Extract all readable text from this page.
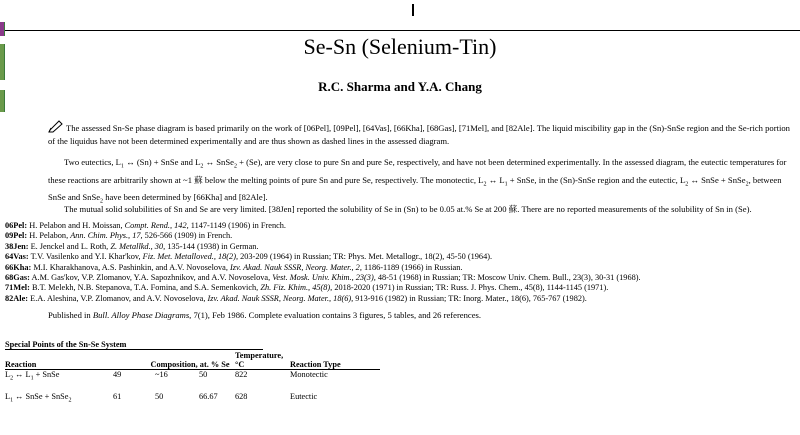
Se-Sn (Selenium-Tin)
R.C. Sharma and Y.A. Chang
The assessed Sn-Se phase diagram is based primarily on the work of [06Pel], [09Pel], [64Vas], [66Kha], [68Gas], [71Mel], and [82Ale]. The liquid miscibility gap in the (Sn)-SnSe region and the Se-rich portion of the liquidus have not been determined experimentally and are thus shown as dashed lines in the assessed diagram.
Two eutectics, $L_1$ ↔ (Sn) + SnSe and $L_2$ ↔ SnSe$_2$ + (Se), are very close to pure Sn and pure Se, respectively, and have not been determined experimentally. In the assessed diagram, the eutectic temperatures for these reactions are arbitrarily shown at ~1 蘇 below the melting points of pure Sn and pure Se, respectively. The monotectic, $L_2$ ↔ $L_1$ + SnSe, in the (Sn)-SnSe region and the eutectic, $L_2$ ↔ SnSe + SnSe$_2$, between SnSe and SnSe$_2$ have been determined by [66Kha] and [82Ale].
The mutual solid solubilities of Sn and Se are very limited. [38Jen] reported the solubility of Se in (Sn) to be 0.05 at.% Se at 200 蘇. There are no reported measurements of the solubility of Sn in (Se).
06Pel: H. Pelabon and H. Moissan, Compt. Rend., 142, 1147-1149 (1906) in French.
09Pel: H. Pelabon, Ann. Chim. Phys., 17, 526-566 (1909) in French.
38Jen: E. Jenckel and L. Roth, Z. Metallkd., 30, 135-144 (1938) in German.
64Vas: T.V. Vasilenko and Y.I. Khar'kov, Fiz. Met. Metalloved., 18(2), 203-209 (1964) in Russian; TR: Phys. Met. Metallogr., 18(2), 45-50 (1964).
66Kha: M.I. Kharakhanova, A.S. Pashinkin, and A.V. Novoselova, Izv. Akad. Nauk SSSR, Neorg. Mater., 2, 1186-1189 (1966) in Russian.
68Gas: A.M. Gas'kov, V.P. Zlomanov, Y.A. Sapozhnikov, and A.V. Novoselova, Vest. Mosk. Univ. Khim., 23(3), 48-51 (1968) in Russian; TR: Moscow Univ. Chem. Bull., 23(3), 30-31 (1968).
71Mel: B.T. Melekh, N.B. Stepanova, T.A. Fomina, and S.A. Semenkovich, Zh. Fiz. Khim., 45(8), 2018-2020 (1971) in Russian; TR: Russ. J. Phys. Chem., 45(8), 1144-1145 (1971).
82Ale: E.A. Aleshina, V.P. Zlomanov, and A.V. Novoselova, Izv. Akad. Nauk SSSR, Neorg. Mater., 18(6), 913-916 (1982) in Russian; TR: Inorg. Mater., 18(6), 765-767 (1982).
Published in Bull. Alloy Phase Diagrams, 7(1), Feb 1986. Complete evaluation contains 3 figures, 5 tables, and 26 references.
Special Points of the Sn-Se System
Reaction		Composition, at. % Se		Temperature, °C	Reaction Type
$L_2$ ↔ $L_1$ + SnSe	49	~16	50	822	Monotectic
$L_1$ ↔ SnSe + SnSe$_2$	61	50	66.67	628	Eutectic
